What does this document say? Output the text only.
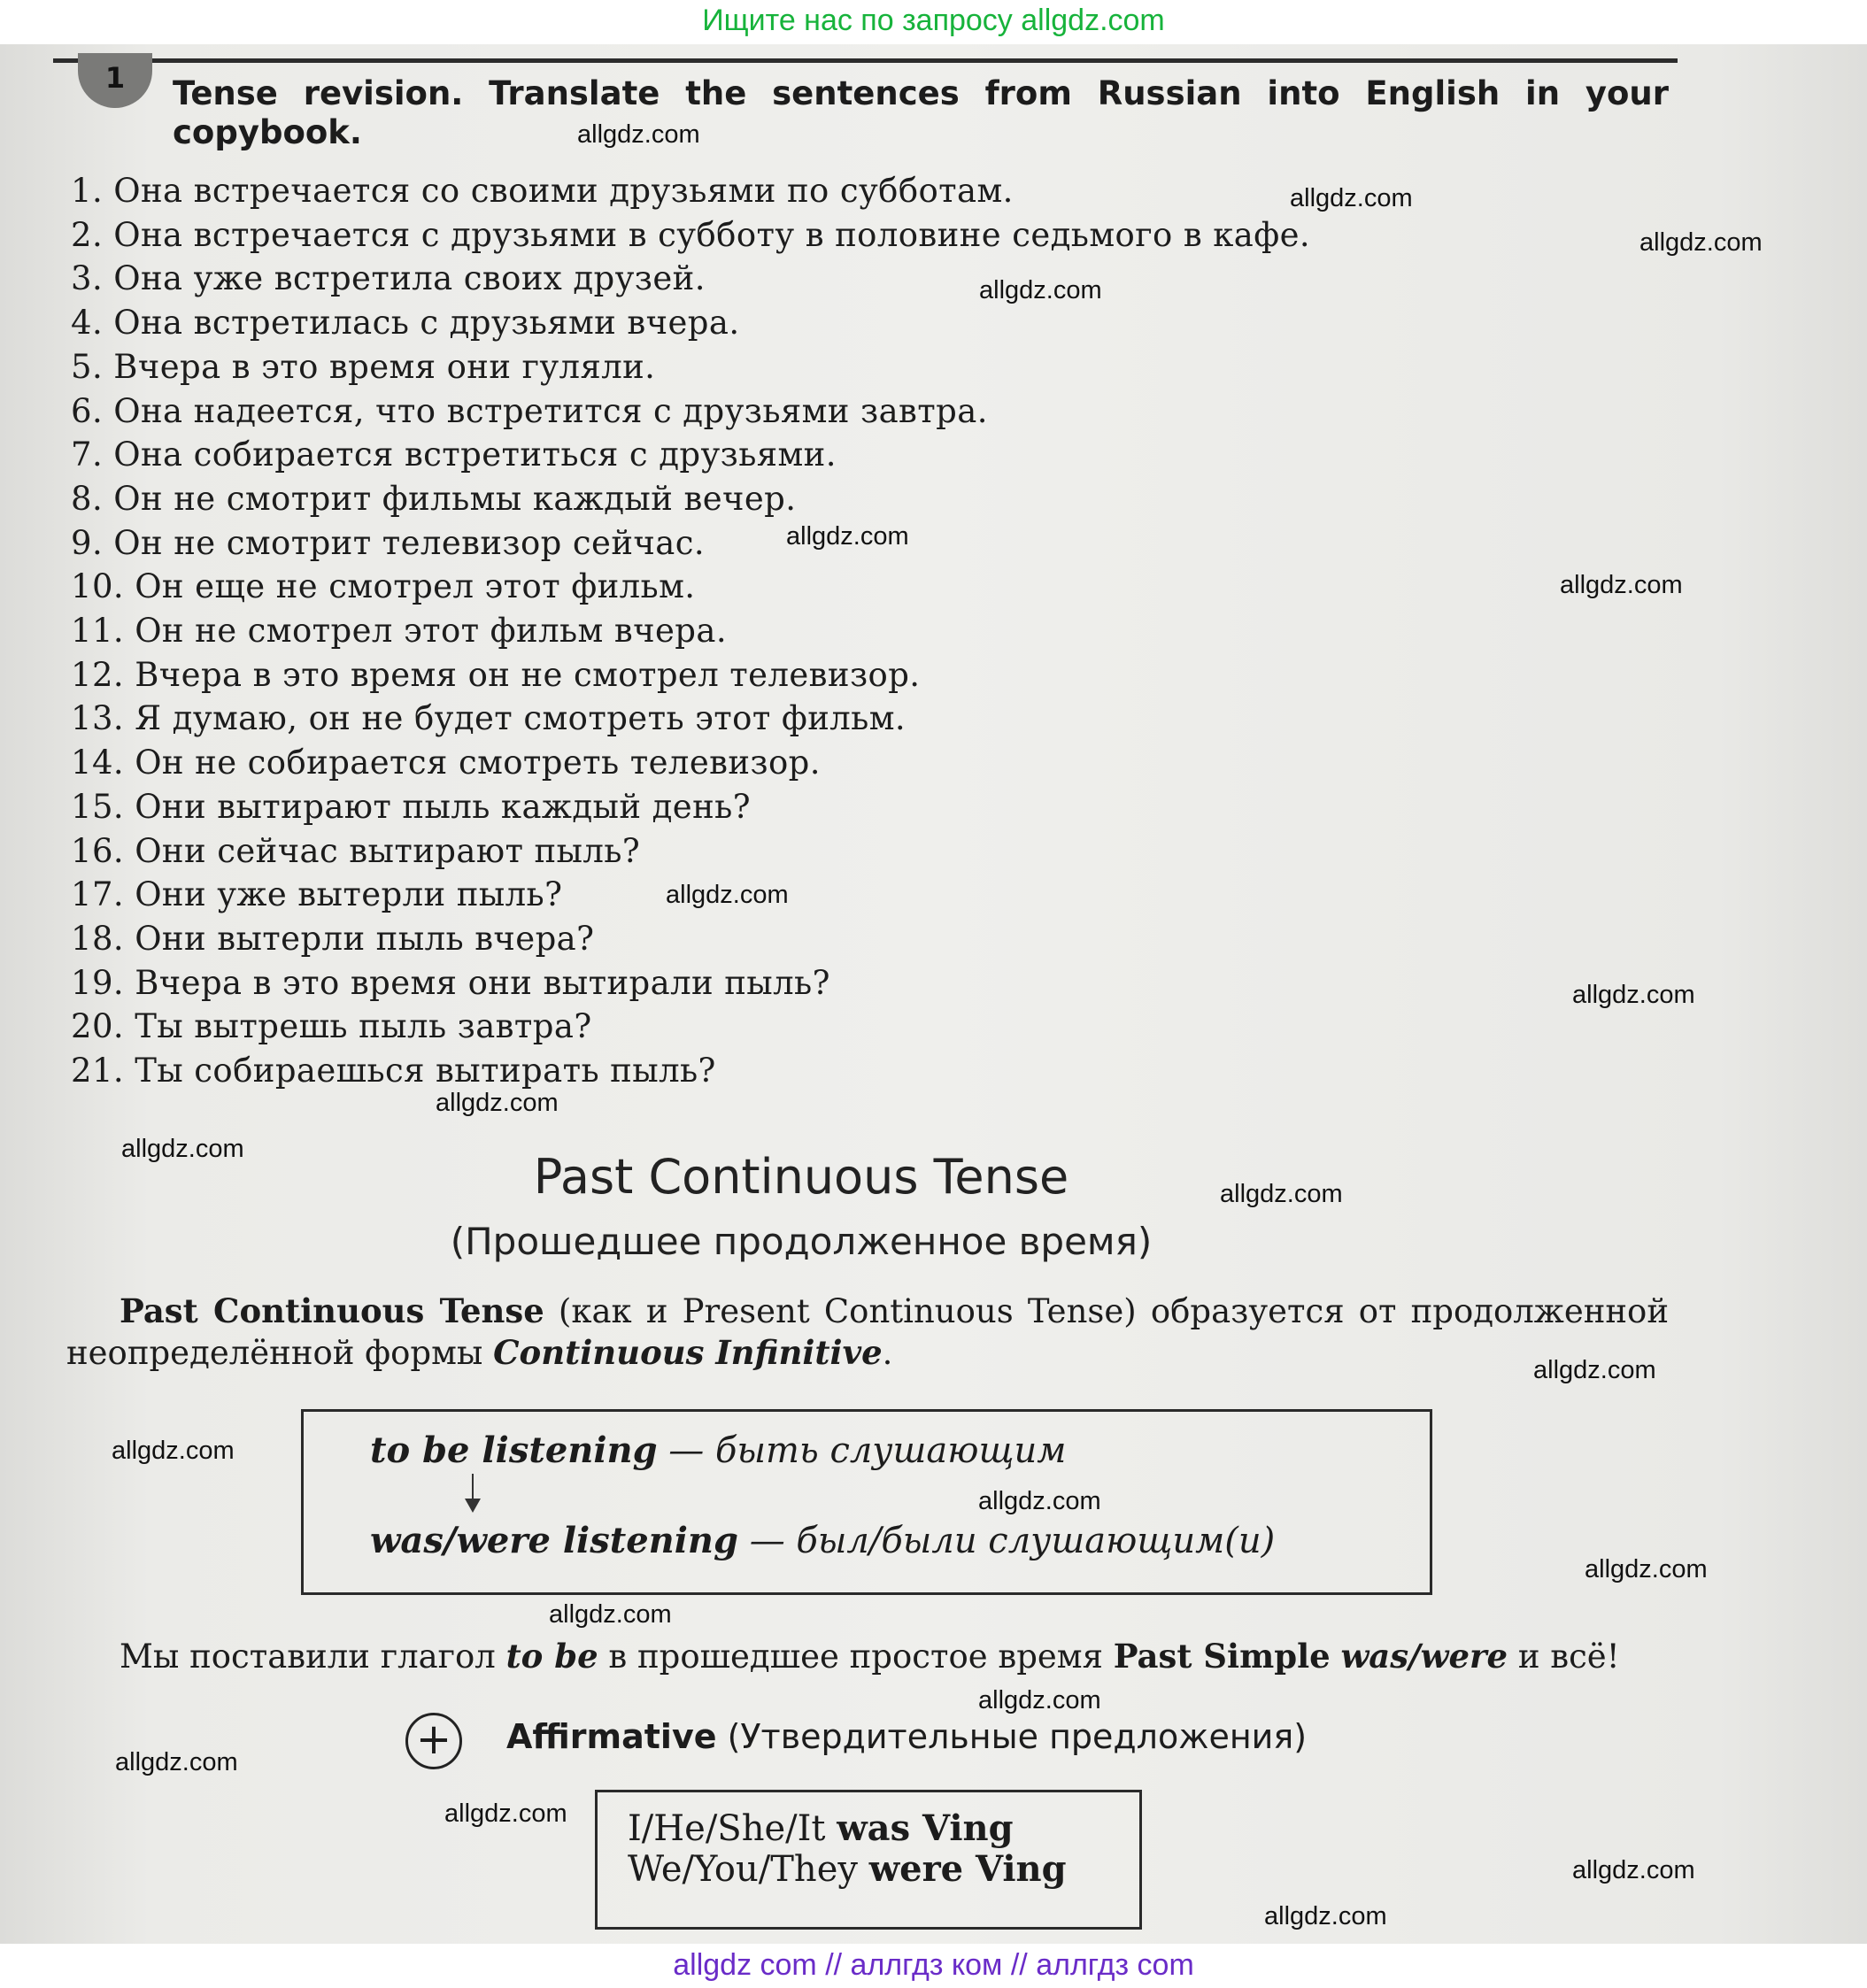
Ищите нас по запросу allgdz.com
1	Tense revision. Translate the sentences from Russian into English in your copybook.
1. Она встречается со своими друзьями по субботам.
2. Она встречается с друзьями в субботу в половине седьмого в кафе.
3. Она уже встретила своих друзей.
4. Она встретилась с друзьями вчера.
5. Вчера в это время они гуляли.
6. Она надеется, что встретится с друзьями завтра.
7. Она собирается встретиться с друзьями.
8. Он не смотрит фильмы каждый вечер.
9. Он не смотрит телевизор сейчас.
10. Он еще не смотрел этот фильм.
11. Он не смотрел этот фильм вчера.
12. Вчера в это время он не смотрел телевизор.
13. Я думаю, он не будет смотреть этот фильм.
14. Он не собирается смотреть телевизор.
15. Они вытирают пыль каждый день?
16. Они сейчас вытирают пыль?
17. Они уже вытерли пыль?
18. Они вытерли пыль вчера?
19. Вчера в это время они вытирали пыль?
20. Ты вытрешь пыль завтра?
21. Ты собираешься вытирать пыль?
Past Continuous Tense
(Прошедшее продолженное время)
Past Continuous Tense (как и Present Continuous Tense) образуется от продолженной неопределённой формы Continuous Infinitive.
to be listening — быть слушающим
was/were listening — был/были слушающим(и)
Мы поставили глагол to be в прошедшее простое время Past Simple was/were и всё!
+	Affirmative (Утвердительные предложения)
I/He/She/It was Ving
We/You/They were Ving
allgdz.com
allgdz.com
allgdz.com
allgdz.com
allgdz.com
allgdz.com
allgdz.com
allgdz.com
allgdz.com
allgdz.com
allgdz.com
allgdz.com
allgdz.com
allgdz.com
allgdz.com
allgdz.com
allgdz.com
allgdz.com
allgdz.com
allgdz.com
allgdz.com
allgdz com // аллгдз ком // аллгдз com
